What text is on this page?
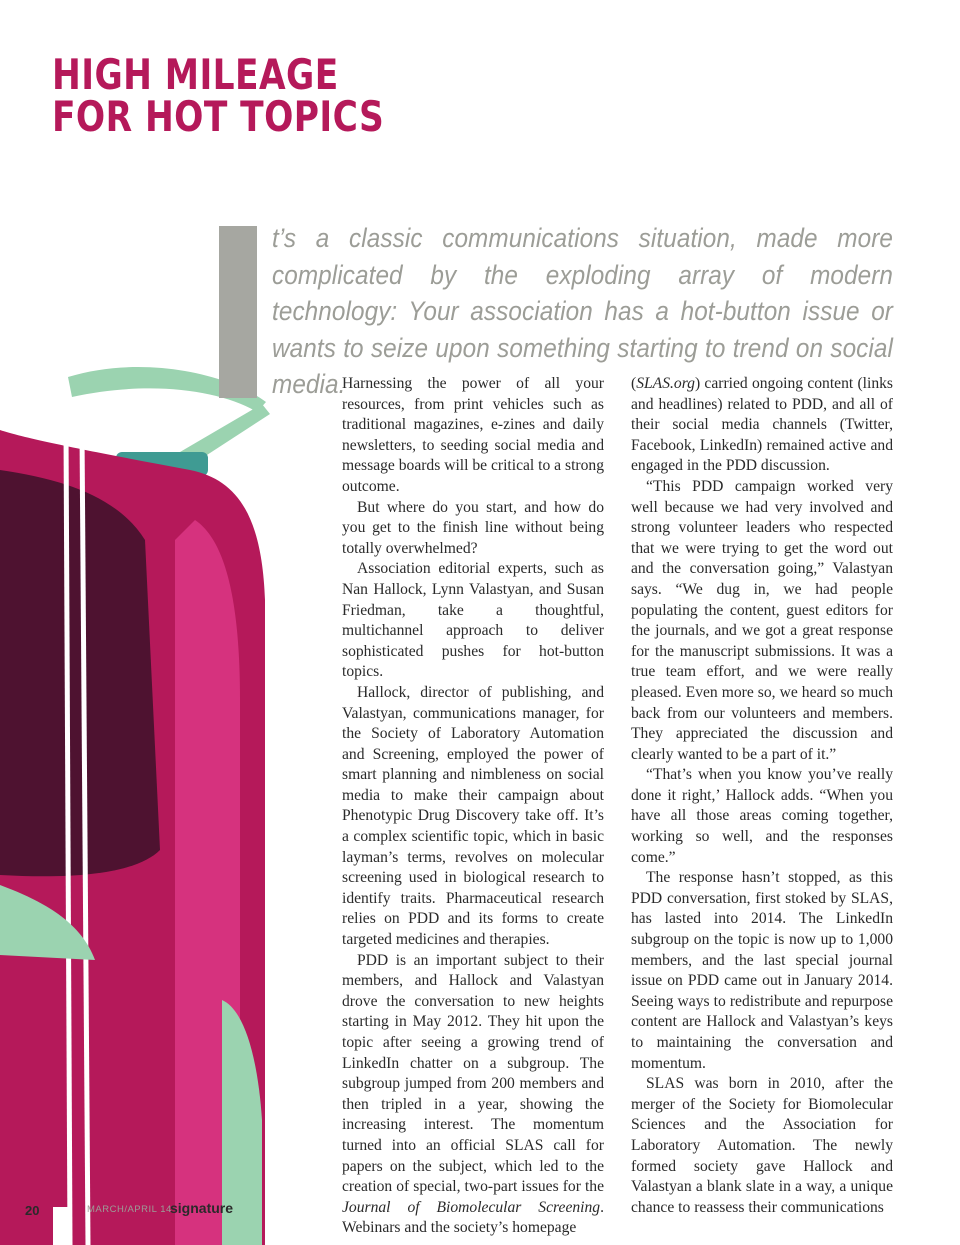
HIGH MILEAGE
FOR HOT TOPICS

t’s a classic communications situation, made more complicated by the exploding array of modern technology: Your association has a hot-button issue or wants to seize upon something starting to trend on social media.

Harnessing the power of all your resources, from print vehicles such as traditional magazines, e-zines and daily newsletters, to seeding social media and message boards will be critical to a strong outcome.

But where do you start, and how do you get to the finish line without being totally overwhelmed?

Association editorial experts, such as Nan Hallock, Lynn Valastyan, and Susan Friedman, take a thoughtful, multichannel approach to deliver sophisticated pushes for hot-button topics.

Hallock, director of publishing, and Valastyan, communications manager, for the Society of Laboratory Automation and Screening, employed the power of smart planning and nimbleness on social media to make their campaign about Phenotypic Drug Discovery take off. It’s a complex scientific topic, which in basic layman’s terms, revolves on molecular screening used in biological research to identify traits. Pharmaceutical research relies on PDD and its forms to create targeted medicines and therapies.

PDD is an important subject to their members, and Hallock and Valastyan drove the conversation to new heights starting in May 2012. They hit upon the topic after seeing a growing trend of LinkedIn chatter on a subgroup. The subgroup jumped from 200 members and then tripled in a year, showing the increasing interest. The momentum turned into an official SLAS call for papers on the subject, which led to the creation of special, two-part issues for the Journal of Biomolecular Screening. Webinars and the society’s homepage

(SLAS.org) carried ongoing content (links and headlines) related to PDD, and all of their social media channels (Twitter, Facebook, LinkedIn) remained active and engaged in the PDD discussion.

“This PDD campaign worked very well because we had very involved and strong volunteer leaders who respected that we were trying to get the word out and the conversation going,” Valastyan says. “We dug in, we had people populating the content, guest editors for the journals, and we got a great response for the manuscript submissions. It was a true team effort, and we were really pleased. Even more so, we heard so much back from our volunteers and members. They appreciated the discussion and clearly wanted to be a part of it.”

“That’s when you know you’ve really done it right,’ Hallock adds. “When you have all those areas coming together, working so well, and the responses come.”

The response hasn’t stopped, as this PDD conversation, first stoked by SLAS, has lasted into 2014. The LinkedIn subgroup on the topic is now up to 1,000 members, and the last special journal issue on PDD came out in January 2014. Seeing ways to redistribute and repurpose content are Hallock and Valastyan’s keys to maintaining the conversation and momentum.

SLAS was born in 2010, after the merger of the Society for Biomolecular Sciences and the Association for Laboratory Automation. The newly formed society gave Hallock and Valastyan a blank slate in a way, a unique chance to reassess their communications

20	MARCH/APRIL 14
signature
